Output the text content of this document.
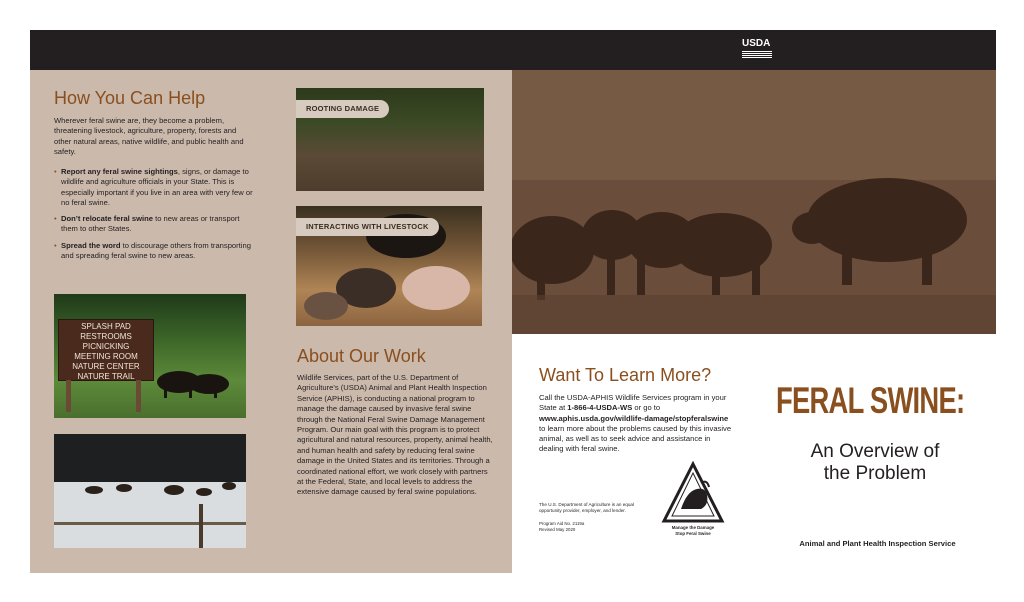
USDA
United States Department of Agriculture
How You Can Help

Wherever feral swine are, they become a problem, threatening livestock, agriculture, property, forests and other natural areas, native wildlife, and public health and safety.

• Report any feral swine sightings, signs, or damage to wildlife and agriculture officials in your State. This is especially important if you live in an area with very few or no feral swine.
• Don’t relocate feral swine to new areas or transport them to other States.
• Spread the word to discourage others from transporting and spreading feral swine to new areas.
SPLASH PAD
RESTROOMS
PICNICKING
MEETING ROOM
NATURE CENTER
NATURE TRAIL
ROOTING DAMAGE
INTERACTING WITH LIVESTOCK
About Our Work

Wildlife Services, part of the U.S. Department of Agriculture’s (USDA) Animal and Plant Health Inspection Service (APHIS), is conducting a national program to manage the damage caused by invasive feral swine through the National Feral Swine Damage Management Program. Our main goal with this program is to protect agricultural and natural resources, property, animal health, and human health and safety by reducing feral swine damage in the United States and its territories. Through a coordinated national effort, we work closely with partners at the Federal, State, and local levels to address the extensive damage caused by feral swine populations.

Want To Learn More?

Call the USDA-APHIS Wildlife Services program in your State at 1-866-4-USDA-WS or go to www.aphis.usda.gov/wildlife-damage/stopferalswine to learn more about the problems caused by this invasive animal, as well as to seek advice and assistance in dealing with feral swine.

The U.S. Department of Agriculture is an equal opportunity provider, employer, and lender.

Program Aid No. 2119a
Revised May 2020	Manage the Damage
Stop Feral Swine
FERAL SWINE:
An Overview of
the Problem
Animal and Plant Health Inspection Service
